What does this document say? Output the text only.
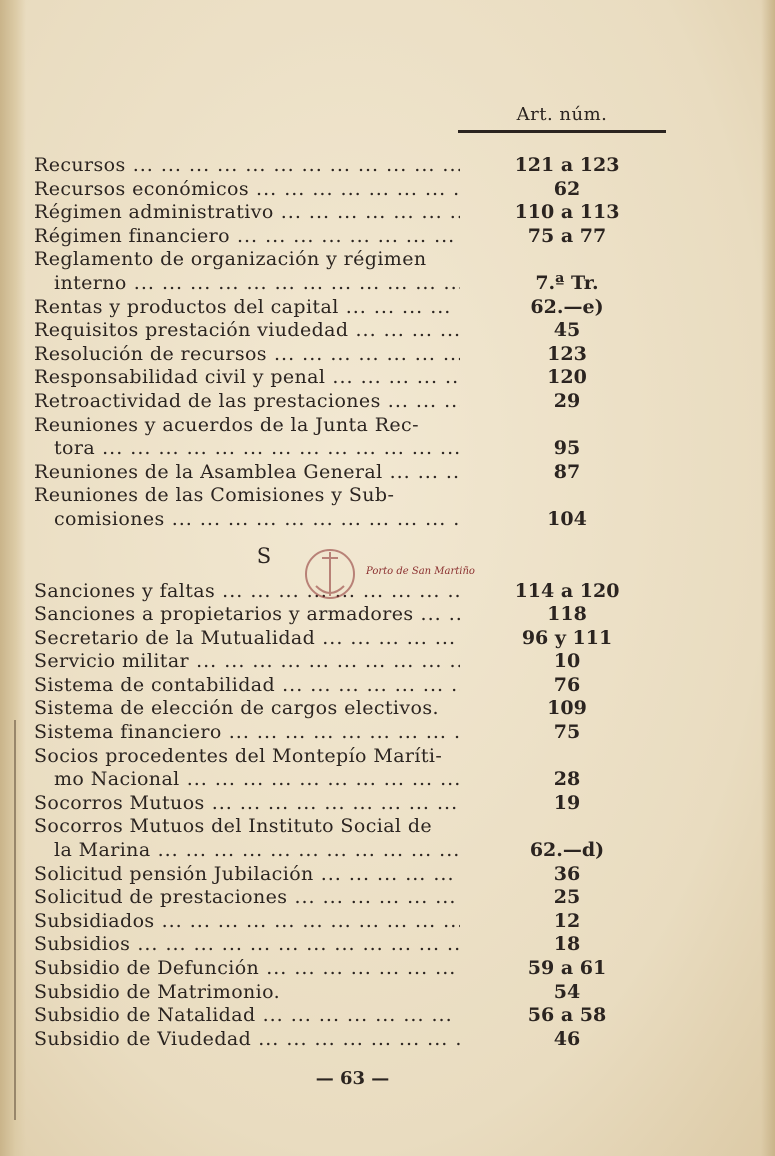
Art. núm.
Recursos ... .	121 a 123
Recursos económicos ... .	62
Régimen administrativo ... .	110 a 113
Régimen financiero ... .	75 a 77
Reglamento de organización y régimen
interno ... .	7.ª Tr.
Rentas y productos del capital ... .	62.—e)
Requisitos prestación viudedad ... .	45
Resolución de recursos ... .	123
Responsabilidad civil y penal ... .	120
Retroactividad de las prestaciones ... .	29
Reuniones y acuerdos de la Junta Rec-
tora ... .	95
Reuniones de la Asamblea General ... .	87
Reuniones de las Comisiones y Sub-
comisiones ... .	104
S
Sanciones y faltas ... .	114 a 120
Sanciones a propietarios y armadores ... .	118
Secretario de la Mutualidad ... .	96 y 111
Servicio militar ... .	10
Sistema de contabilidad ... .	76
Sistema de elección de cargos electivos.	109
Sistema financiero ... .	75
Socios procedentes del Montepío Maríti-
mo Nacional ... .	28
Socorros Mutuos ... .	19
Socorros Mutuos del Instituto Social de
la Marina ... .	62.—d)
Solicitud pensión Jubilación ... .	36
Solicitud de prestaciones ... .	25
Subsidiados ... .	12
Subsidios ... .	18
Subsidio de Defunción ... .	59 a 61
Subsidio de Matrimonio.	54
Subsidio de Natalidad ... .	56 a 58
Subsidio de Viudedad ... .	46
Porto de San Martiño
— 63 —
